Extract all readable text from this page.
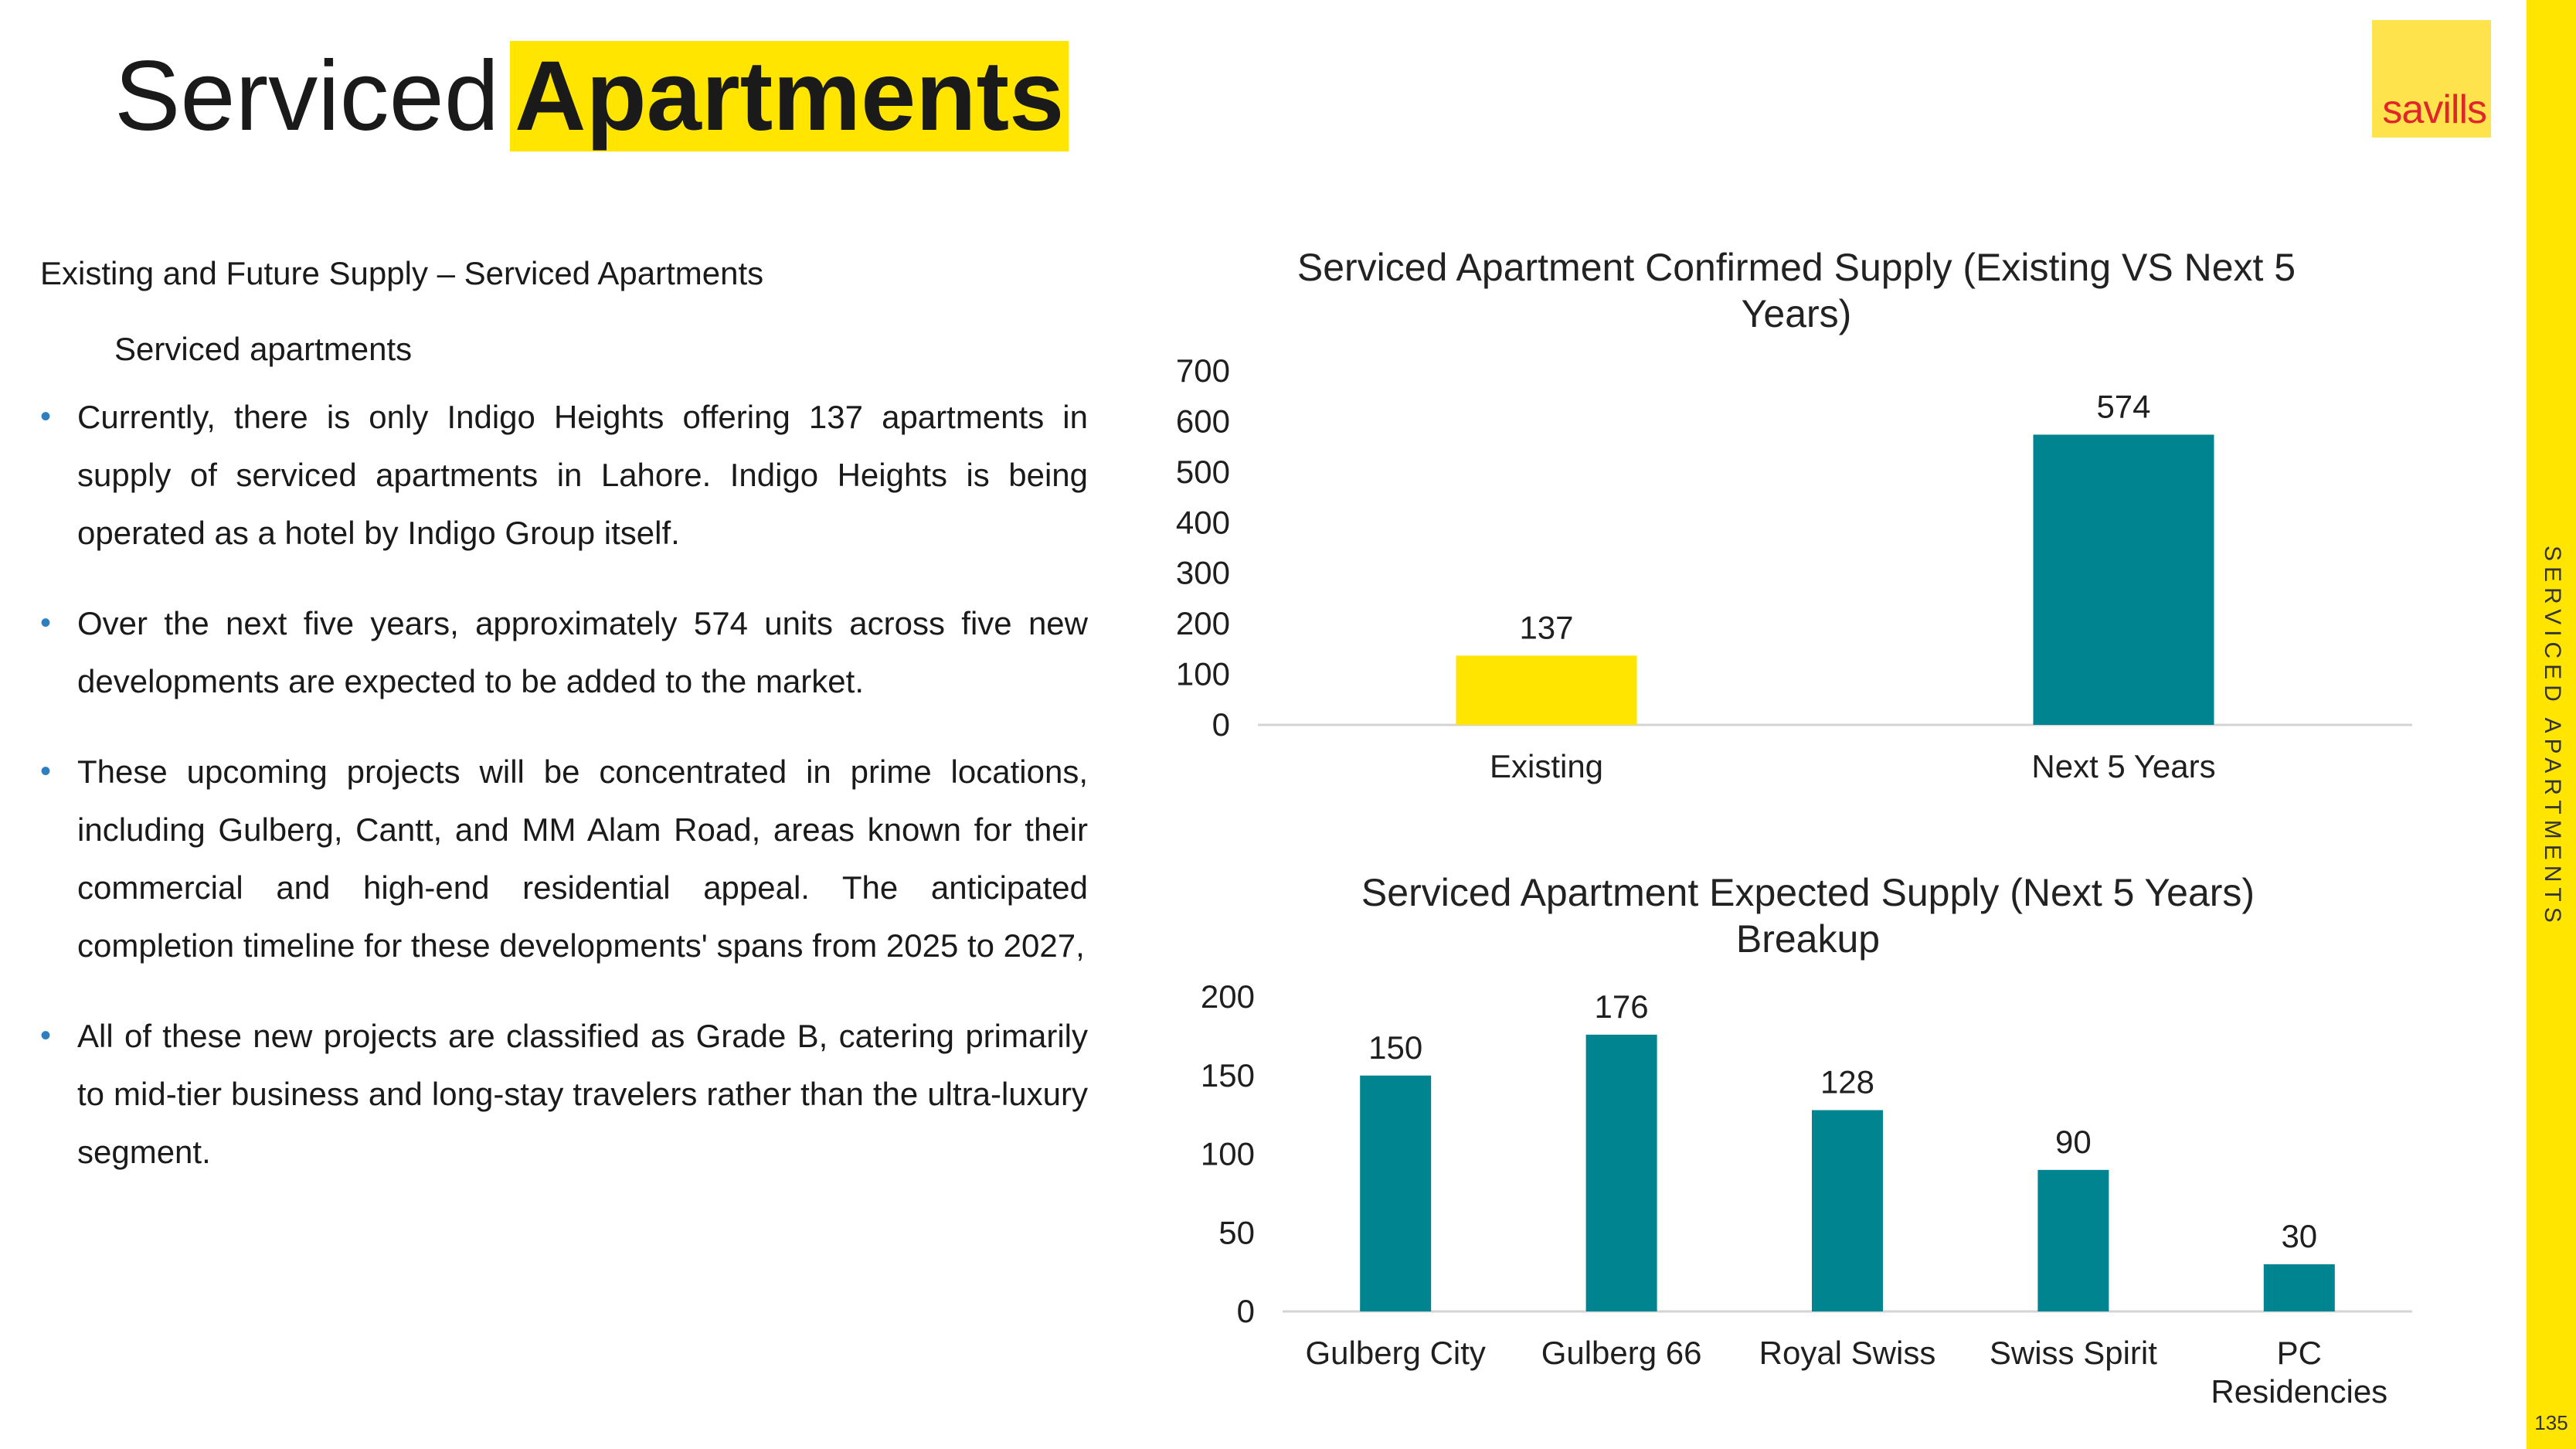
Serviced Apartments	savills
SERVICED APARTMENTS
135
Existing and Future Supply – Serviced Apartments
Serviced apartments
• Currently, there is only Indigo Heights offering 137 apartments in supply of serviced apartments in Lahore. Indigo Heights is being operated as a hotel by Indigo Group itself.
• Over the next five years, approximately 574 units across five new developments are expected to be added to the market.
• These upcoming projects will be concentrated in prime locations, including Gulberg, Cantt, and MM Alam Road, areas known for their commercial and high-end residential appeal. The anticipated completion timeline for these developments' spans from 2025 to 2027,
• All of these new projects are classified as Grade B, catering primarily to mid-tier business and long-stay travelers rather than the ultra-luxury segment.
Serviced Apartment Confirmed Supply (Existing VS Next 5 Years)
Serviced Apartment Expected Supply (Next 5 Years) Breakup
0
100
200
300
400
500
600
700
137
Existing
574
Next 5 Years
0
50
100
150
200
150
Gulberg City
176
Gulberg 66
128
Royal Swiss
90
Swiss Spirit
30
PC Residencies
